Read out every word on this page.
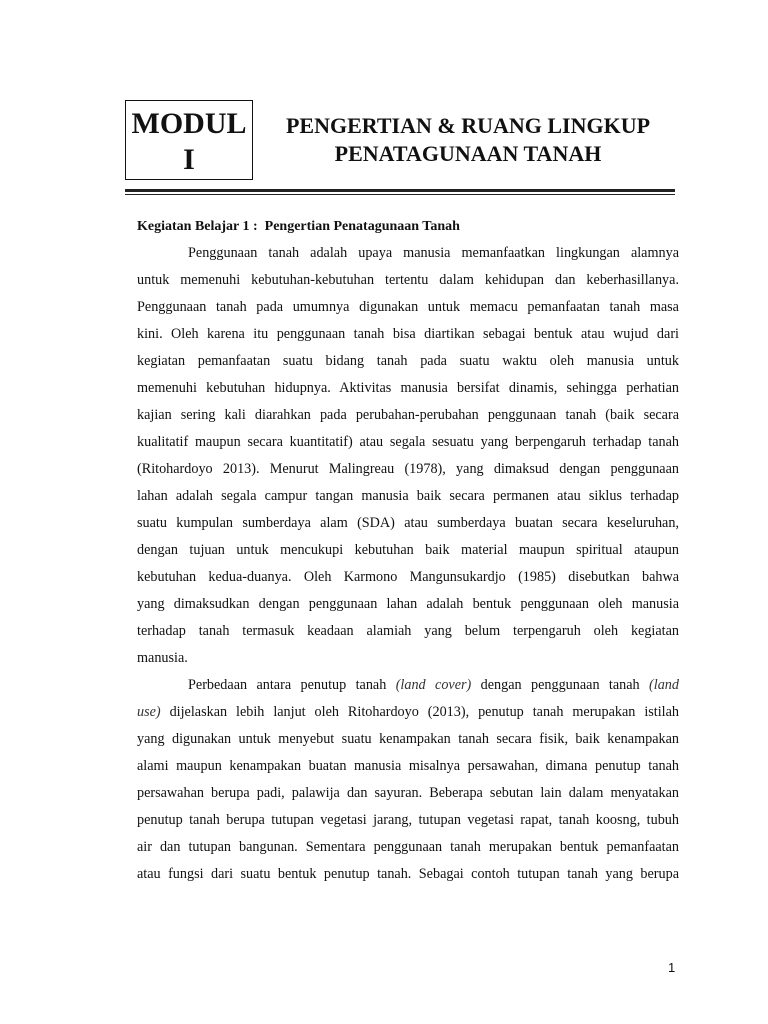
MODUL
I
PENGERTIAN & RUANG LINGKUP
PENATAGUNAAN TANAH
Kegiatan Belajar 1 :  Pengertian Penatagunaan Tanah
Penggunaan tanah adalah upaya manusia memanfaatkan lingkungan alamnya
untuk memenuhi kebutuhan-kebutuhan tertentu dalam kehidupan dan keberhasillanya.
Penggunaan tanah pada umumnya digunakan untuk memacu pemanfaatan tanah masa
kini. Oleh karena itu penggunaan tanah bisa diartikan sebagai bentuk atau wujud dari
kegiatan pemanfaatan suatu bidang tanah pada suatu waktu oleh manusia untuk
memenuhi kebutuhan hidupnya. Aktivitas manusia bersifat dinamis, sehingga perhatian
kajian sering kali diarahkan pada perubahan-perubahan penggunaan tanah (baik secara
kualitatif maupun secara kuantitatif) atau segala sesuatu yang berpengaruh terhadap tanah
(Ritohardoyo 2013). Menurut Malingreau (1978), yang dimaksud dengan penggunaan
lahan adalah segala campur tangan manusia baik secara permanen atau siklus terhadap
suatu kumpulan sumberdaya alam (SDA) atau sumberdaya buatan secara keseluruhan,
dengan tujuan untuk mencukupi kebutuhan baik material maupun spiritual ataupun
kebutuhan kedua-duanya. Oleh Karmono Mangunsukardjo (1985) disebutkan bahwa
yang dimaksudkan dengan penggunaan lahan adalah bentuk penggunaan oleh manusia
terhadap tanah termasuk keadaan alamiah yang belum terpengaruh oleh kegiatan
manusia.
Perbedaan antara penutup tanah (land cover) dengan penggunaan tanah (land
use) dijelaskan lebih lanjut oleh Ritohardoyo (2013), penutup tanah merupakan istilah
yang digunakan untuk menyebut suatu kenampakan tanah secara fisik, baik kenampakan
alami maupun kenampakan buatan manusia misalnya persawahan, dimana penutup tanah
persawahan berupa padi, palawija dan sayuran. Beberapa sebutan lain dalam menyatakan
penutup tanah berupa tutupan vegetasi jarang, tutupan vegetasi rapat, tanah koosng, tubuh
air dan tutupan bangunan. Sementara penggunaan tanah merupakan bentuk pemanfaatan
atau fungsi dari suatu bentuk penutup tanah. Sebagai contoh tutupan tanah yang berupa
1
